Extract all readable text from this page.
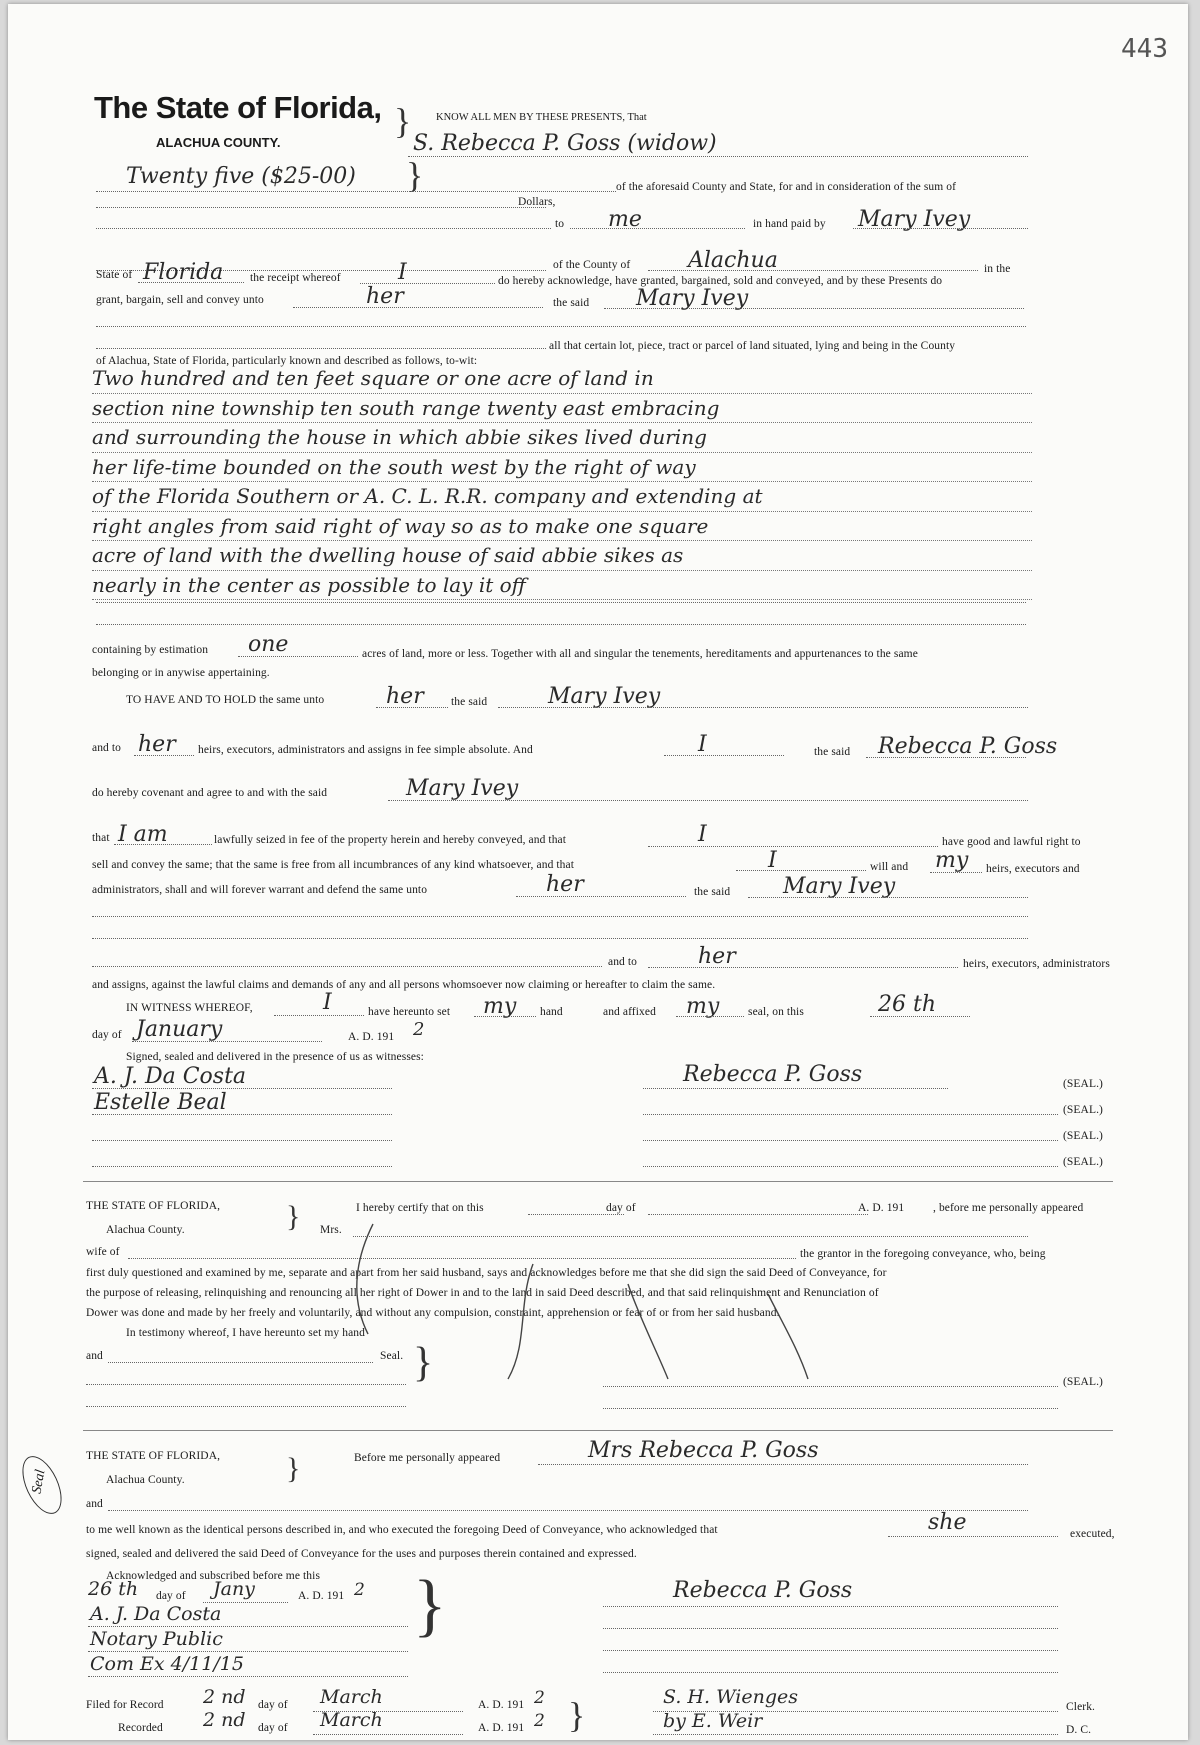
443
The State of Florida,
ALACHUA COUNTY.
} KNOW ALL MEN BY THESE PRESENTS, That
S. Rebecca P. Goss (widow)
Twenty five ($25-00) }	of the aforesaid County and State, for and in consideration of the sum of
Dollars,
to me	in hand paid by Mary Ivey
of the County of	Alachua	in the
State of Florida the receipt whereof	I	do hereby acknowledge, have granted, bargained, sold and conveyed, and by these Presents do
grant, bargain, sell and convey unto	her	the said Mary Ivey
all that certain lot, piece, tract or parcel of land situated, lying and being in the County
of Alachua, State of Florida, particularly known and described as follows, to-wit:
Two hundred and ten feet square or one acre of land in
section nine township ten south range twenty east embracing
and surrounding the house in which abbie sikes lived during
her life-time bounded on the south west by the right of way
of the Florida Southern or A. C. L. R.R. company and extending at
right angles from said right of way so as to make one square
acre of land with the dwelling house of said abbie sikes as
nearly in the center as possible to lay it off
containing by estimation one	acres of land, more or less. Together with all and singular the tenements, hereditaments and appurtenances to the same
belonging or in anywise appertaining.
TO HAVE AND TO HOLD the same unto	her the said	Mary Ivey
and to her heirs, executors, administrators and assigns in fee simple absolute. And	I	the said Rebecca P. Goss
do hereby covenant and agree to and with the said	Mary Ivey
that I am	lawfully seized in fee of the property herein and hereby conveyed, and that	I	have good and lawful right to
sell and convey the same; that the same is free from all incumbrances of any kind whatsoever, and that	I	will and my heirs, executors and
administrators, shall and will forever warrant and defend the same unto	her	the said Mary Ivey
and to	her	heirs, executors, administrators
and assigns, against the lawful claims and demands of any and all persons whomsoever now claiming or hereafter to claim the same.
IN WITNESS WHEREOF,	I	have hereunto set my hand	and affixed my seal, on this	26 th
day of January	A. D. 191 2
Signed, sealed and delivered in the presence of us as witnesses:
A. J. Da Costa
Estelle Beal
Rebecca P. Goss	(SEAL.)
(SEAL.)
(SEAL.)
(SEAL.)
THE STATE OF FLORIDA,
Alachua County.	}	I hereby certify that on this	day of	A. D. 191 , before me personally appeared
Mrs.
wife of	the grantor in the foregoing conveyance, who, being
first duly questioned and examined by me, separate and apart from her said husband, says and acknowledges before me that she did sign the said Deed of Conveyance, for
the purpose of releasing, relinquishing and renouncing all her right of Dower in and to the land in said Deed described, and that said relinquishment and Renunciation of
Dower was done and made by her freely and voluntarily, and without any compulsion, constraint, apprehension or fear of or from her said husband.
In testimony whereof, I have hereunto set my hand
and	Seal. }	(SEAL.)
THE STATE OF FLORIDA,
Alachua County.	}	Before me personally appeared	Mrs Rebecca P. Goss
and
to me well known as the identical persons described in, and who executed the foregoing Deed of Conveyance, who acknowledged that	she	executed,
signed, sealed and delivered the said Deed of Conveyance for the uses and purposes therein contained and expressed.
Acknowledged and subscribed before me this
26 th day of Jany	A. D. 191 2
A. J. Da Costa
Notary Public
Com Ex 4/11/15
}
Seal
Rebecca P. Goss
Filed for Record 2 nd day of March	A. D. 191 2
Recorded 2 nd day of March	A. D. 191 2 }	S. H. Wienges	Clerk.
by E. Weir	D. C.
